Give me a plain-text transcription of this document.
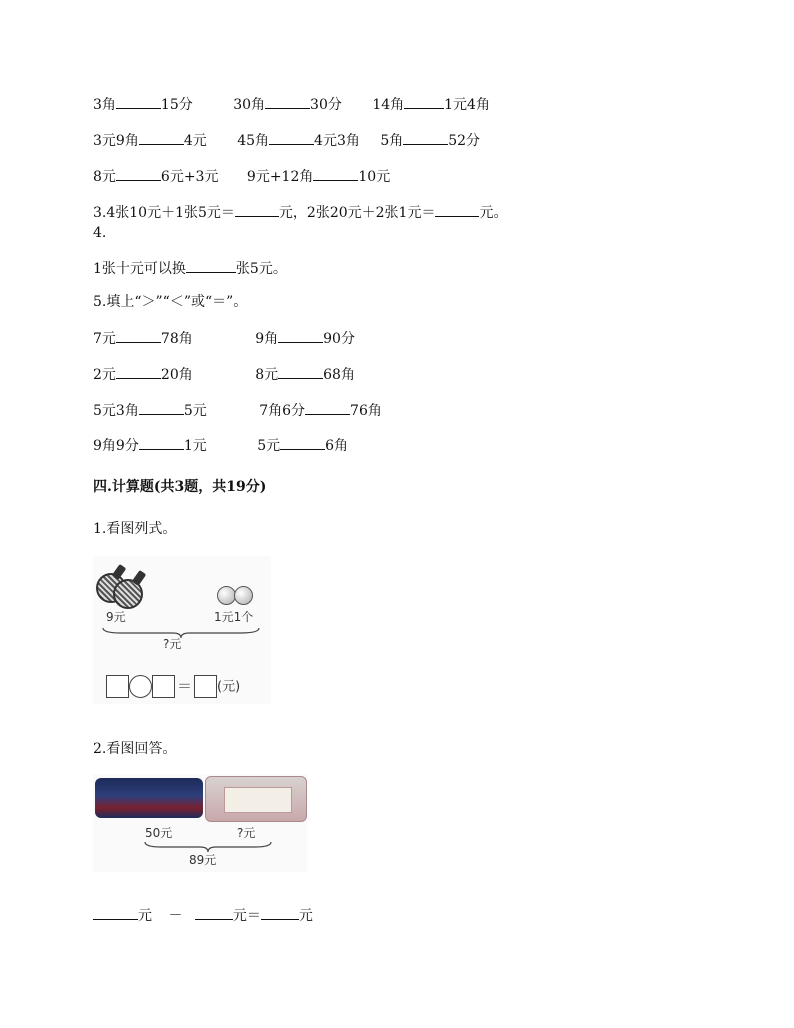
3角	15分	30角	30分 14角	1元4角
3元9角	4元 45角	4元3角 5角	52分
8元	6元+3元 9元+12角	10元
3.4张10元＋1张5元＝	元，2张20元＋2张1元＝	元。
4.
1张十元可以换	张5元。
5.填上“＞”“＜”或“＝”。
7元	78角	9角	90分
2元	20角	8元	68角
5元3角	5元	7角6分	76角
9角9分	1元	5元	6角
四.计算题(共3题，共19分)
1.看图列式。
9元	1元1个
?元
＝ (元)
2.看图回答。
50元	?元
89元
元 －	元＝	元
